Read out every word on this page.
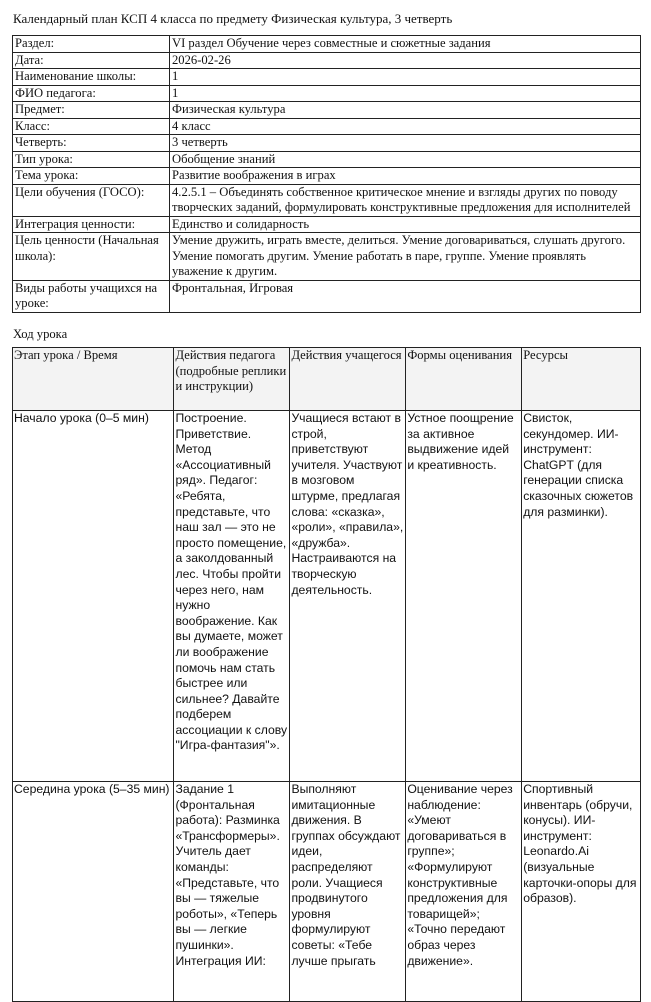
Календарный план КСП 4 класса по предмету Физическая культура, 3 четверть
Раздел:	VI раздел Обучение через совместные и сюжетные задания
Дата:	2026-02-26
Наименование школы:	1
ФИО педагога:	1
Предмет:	Физическая культура
Класс:	4 класс
Четверть:	3 четверть
Тип урока:	Обобщение знаний
Тема урока:	Развитие воображения в играх
Цели обучения (ГОСО):	4.2.5.1 – Объединять собственное критическое мнение и взгляды других по поводу творческих заданий, формулировать конструктивные предложения для исполнителей
Интеграция ценности:	Единство и солидарность
Цель ценности (Начальная школа):	Умение дружить, играть вместе, делиться. Умение договариваться, слушать другого. Умение помогать другим. Умение работать в паре, группе. Умение проявлять уважение к другим.
Виды работы учащихся на уроке:	Фронтальная, Игровая
Ход урока
Этап урока / Время	Действия педагога (подробные реплики и инструкции)	Действия учащегося	Формы оценивания	Ресурсы
Начало урока (0–5 мин)	Построение. Приветствие. Метод «Ассоциативный ряд». Педагог: «Ребята, представьте, что наш зал — это не просто помещение, а заколдованный лес. Чтобы пройти через него, нам нужно воображение. Как вы думаете, может ли воображение помочь нам стать быстрее или сильнее? Давайте подберем ассоциации к слову "Игра-фантазия"».	Учащиеся встают в строй, приветствуют учителя. Участвуют в мозговом штурме, предлагая слова: «сказка», «роли», «правила», «дружба». Настраиваются на творческую деятельность.	Устное поощрение за активное выдвижение идей и креативность.	Свисток, секундомер. ИИ-инструмент: ChatGPT (для генерации списка сказочных сюжетов для разминки).
Середина урока (5–35 мин)	Задание 1 (Фронтальная работа): Разминка «Трансформеры». Учитель дает команды: «Представьте, что вы — тяжелые роботы», «Теперь вы — легкие пушинки». Интеграция ИИ:	Выполняют имитационные движения. В группах обсуждают идеи, распределяют роли. Учащиеся продвинутого уровня формулируют советы: «Тебе лучше прыгать	Оценивание через наблюдение: «Умеют договариваться в группе»; «Формулируют конструктивные предложения для товарищей»; «Точно передают образ через движение».	Спортивный инвентарь (обручи, конусы). ИИ-инструмент: Leonardo.Ai (визуальные карточки-опоры для образов).
